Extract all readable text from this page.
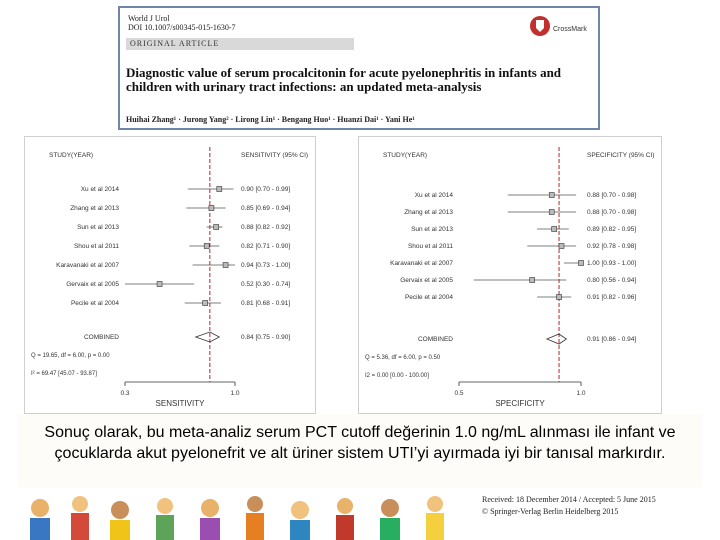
World J Urol
DOI 10.1007/s00345-015-1630-7	CrossMark
ORIGINAL ARTICLE
Diagnostic value of serum procalcitonin for acute pyelonephritis in infants and children with urinary tract infections: an updated meta-analysis
Huihai Zhang¹ · Jurong Yang² · Lirong Lin¹ · Bengang Huo¹ · Huanzi Dai¹ · Yani He¹
STUDY(YEAR)	SENSITIVITY (95% CI)
Xu et al 2014	0.90 [0.70 - 0.99]
Zhang et al 2013	0.85 [0.69 - 0.94]
Sun et al 2013	0.88 [0.82 - 0.92]
Shou et al 2011	0.82 [0.71 - 0.90]
Karavanaki et al 2007	0.94 [0.73 - 1.00]
Gervaix et al 2005	0.52 [0.30 - 0.74]
Pecile et al 2004	0.81 [0.68 - 0.91]
COMBINED	0.84 [0.75 - 0.90]
Q = 19.65, df = 6.00, p = 0.00
I² = 69.47 [45.07 - 93.87]
0.3	1.0
SENSITIVITY
STUDY(YEAR)	SPECIFICITY (95% CI)
Xu et al 2014	0.88 [0.70 - 0.98]
Zhang et al 2013	0.88 [0.70 - 0.98]
Sun et al 2013	0.89 [0.82 - 0.95]
Shou et al 2011	0.92 [0.78 - 0.98]
Karavanaki et al 2007	1.00 [0.93 - 1.00]
Gervaix et al 2005	0.80 [0.56 - 0.94]
Pecile et al 2004	0.91 [0.82 - 0.96]
COMBINED	0.91 [0.86 - 0.94]
Q = 5.36, df = 6.00, p = 0.50
I2 = 0.00 [0.00 - 100.00]
0.5	1.0
SPECIFICITY
Received: 18 December 2014 / Accepted: 5 June 2015
© Springer-Verlag Berlin Heidelberg 2015
Sonuç olarak, bu meta-analiz serum PCT cutoff değerinin 1.0 ng/mL alınması ile infant ve çocuklarda akut pyelonefrit ve alt üriner sistem UTI’yi ayırmada iyi bir tanısal markırdır.
